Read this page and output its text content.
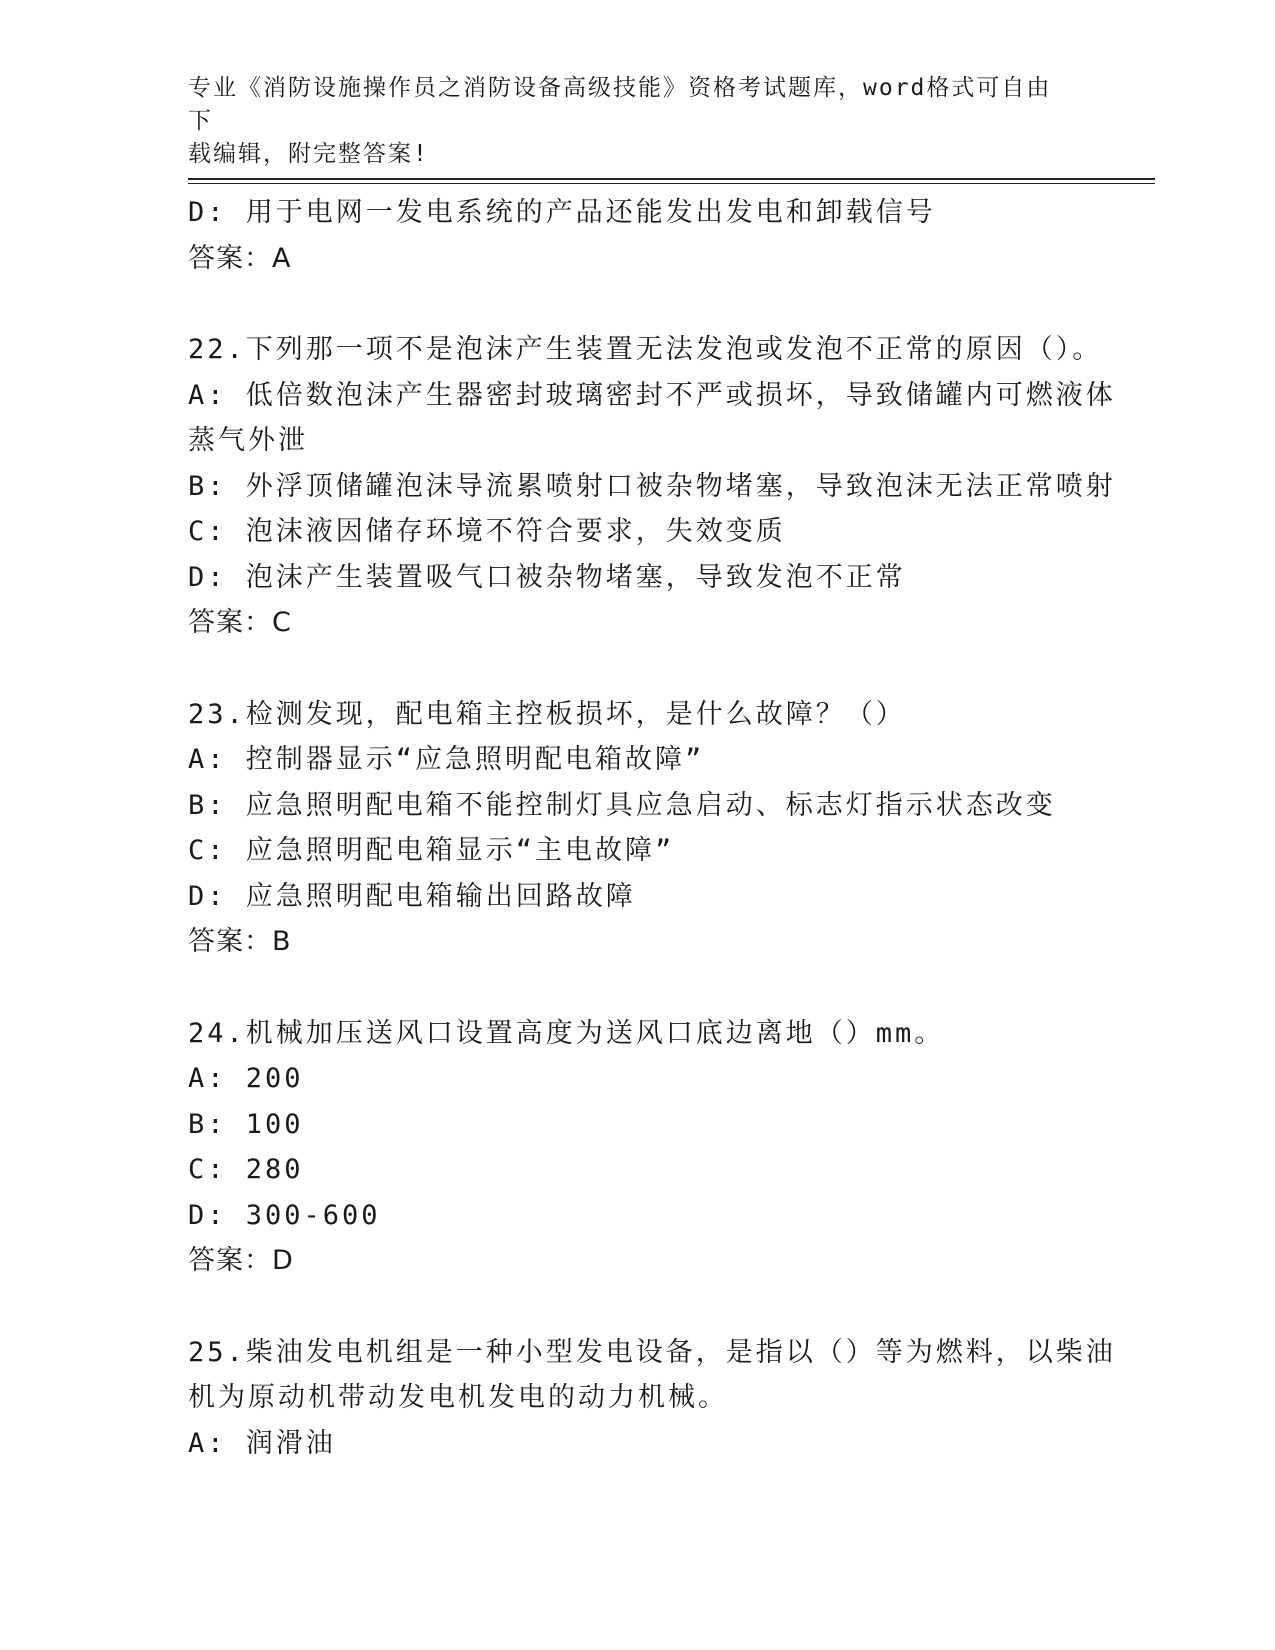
专业《消防设施操作员之消防设备高级技能》资格考试题库，word格式可自由下
载编辑，附完整答案!
D: 用于电网一发电系统的产品还能发出发电和卸载信号
答案：A
22.下列那一项不是泡沫产生装置无法发泡或发泡不正常的原因（）。
A: 低倍数泡沫产生器密封玻璃密封不严或损坏，导致储罐内可燃液体
蒸气外泄
B: 外浮顶储罐泡沫导流累喷射口被杂物堵塞，导致泡沫无法正常喷射
C: 泡沫液因储存环境不符合要求，失效变质
D: 泡沫产生装置吸气口被杂物堵塞，导致发泡不正常
答案：C
23.检测发现，配电箱主控板损坏，是什么故障？（）
A: 控制器显示“应急照明配电箱故障”
B: 应急照明配电箱不能控制灯具应急启动、标志灯指示状态改变
C: 应急照明配电箱显示“主电故障”
D: 应急照明配电箱输出回路故障
答案：B
24.机械加压送风口设置高度为送风口底边离地（）mm。
A: 200
B: 100
C: 280
D: 300-600
答案：D
25.柴油发电机组是一种小型发电设备，是指以（）等为燃料，以柴油
机为原动机带动发电机发电的动力机械。
A: 润滑油
